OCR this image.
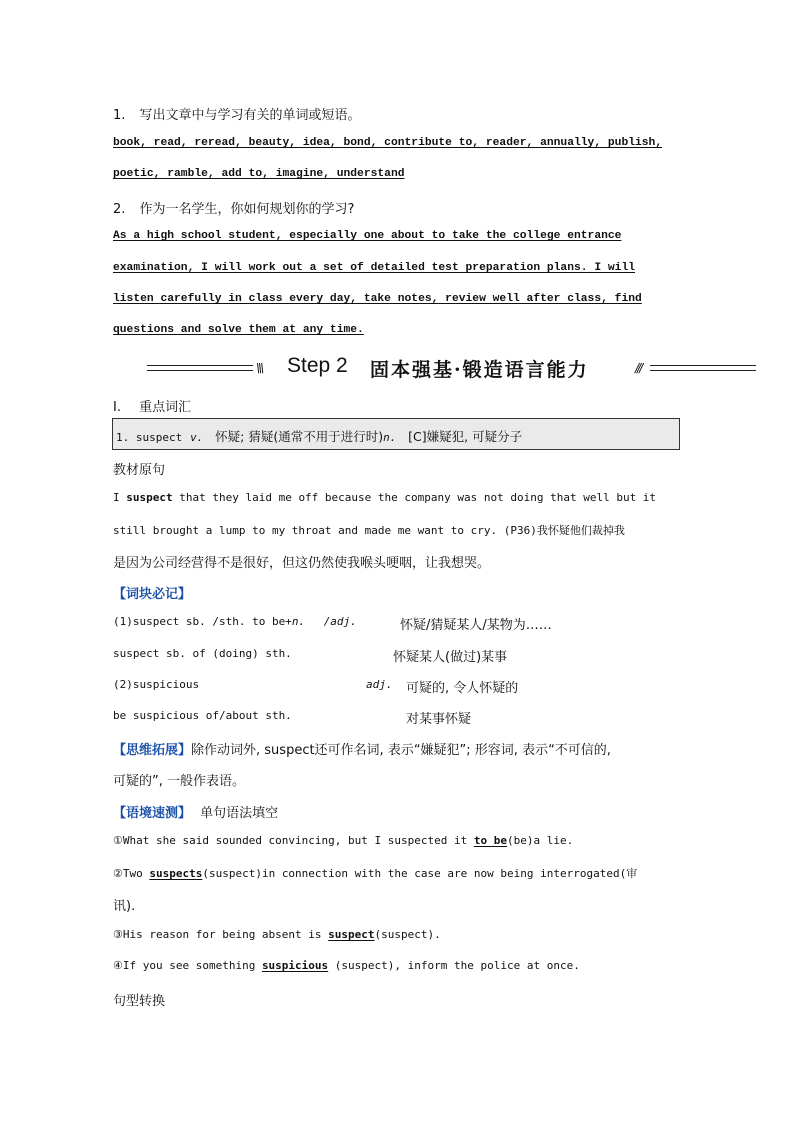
1. 写出文章中与学习有关的单词或短语。
book, read, reread, beauty, idea, bond, contribute to, reader, annually, publish,
poetic, ramble, add to, imagine, understand
2. 作为一名学生，你如何规划你的学习?
As a high school student, especially one about to take the college entrance
examination, I will work out a set of detailed test preparation plans. I will
listen carefully in class every day, take notes, review well after class, find
questions and solve them at any time.
\\\ Step 2 固本强基·锻造语言能力	///
Ⅰ. 重点词汇
1. suspect v. 怀疑; 猜疑(通常不用于进行时)n. [C]嫌疑犯, 可疑分子
教材原句
I suspect that they laid me off because the company was not doing that well but it
still brought a lump to my throat and made me want to cry. (P36)我怀疑他们裁掉我
是因为公司经营得不是很好，但这仍然使我喉头哽咽，让我想哭。
【词块必记】
(1)suspect sb. /sth. to be+n. /adj.	怀疑/猜疑某人/某物为……
suspect sb. of (doing) sth.	怀疑某人(做过)某事
(2)suspicious	adj. 可疑的, 令人怀疑的
be suspicious of/about sth.	对某事怀疑
【思维拓展】除作动词外, suspect还可作名词, 表示“嫌疑犯”; 形容词, 表示“不可信的,
可疑的”, 一般作表语。
【语境速测】 单句语法填空
①What she said sounded convincing, but I suspected it to be(be)a lie.
②Two suspects(suspect)in connection with the case are now being interrogated(审
讯).
③His reason for being absent is suspect(suspect).
④If you see something suspicious (suspect), inform the police at once.
句型转换
